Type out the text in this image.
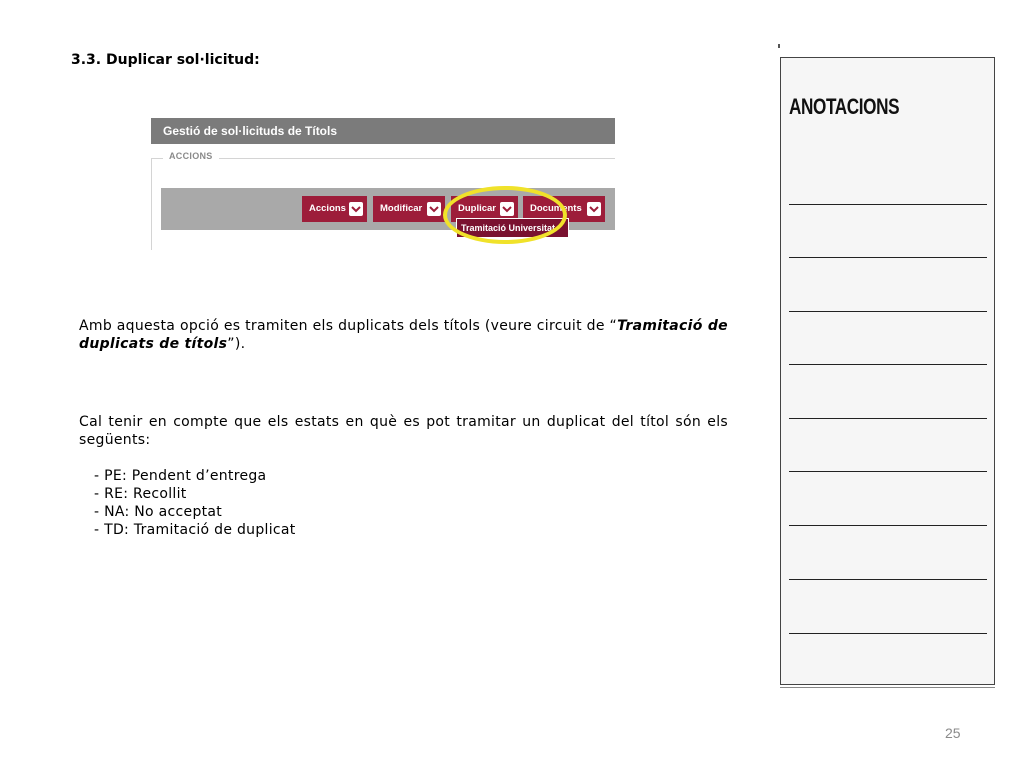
3.3. Duplicar sol·licitud:
Gestió de sol·licituds de Títols
ACCIONS
Accions	Modificar	Duplicar	Documents
Tramitació Universitat
Amb aquesta opció es tramiten els duplicats dels títols (veure circuit de “Tramitació de duplicats de títols”).
Cal tenir en compte que els estats en què es pot tramitar un duplicat del títol són els següents:
- PE: Pendent d’entrega
- RE: Recollit
- NA: No acceptat
- TD: Tramitació de duplicat
ANOTACIONS
25
